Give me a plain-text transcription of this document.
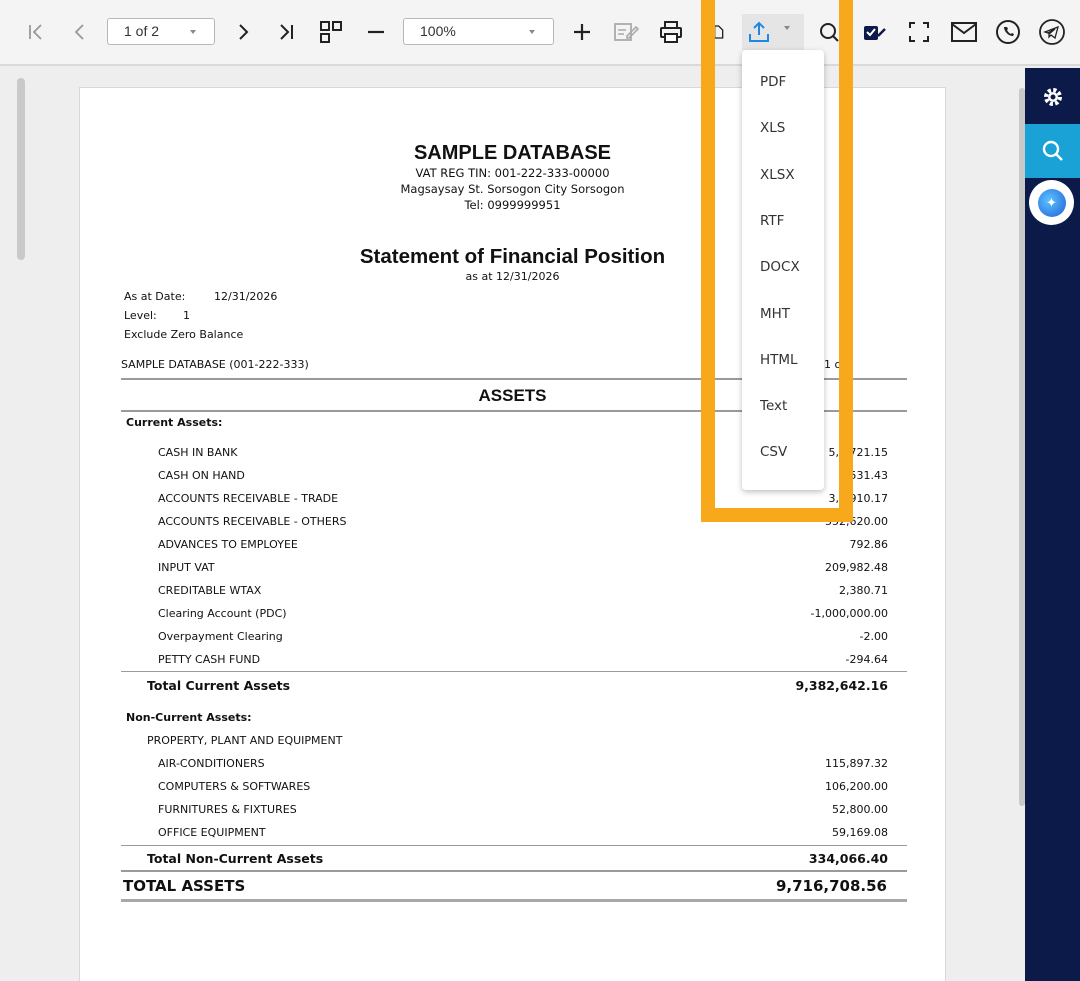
1 of 2	100%
SAMPLE DATABASE
VAT REG TIN: 001-222-333-00000
Magsaysay St. Sorsogon City Sorsogon
Tel: 0999999951
Statement of Financial Position
as at 12/31/2026
As at Date:	12/31/2026
Level: 1
Exclude Zero Balance
SAMPLE DATABASE (001-222-333)	1 o
ASSETS
Current Assets:
CASH IN BANK	5,7 721.15
CASH ON HAND	1 531.43
ACCOUNTS RECEIVABLE - TRADE	3,0 910.17
ACCOUNTS RECEIVABLE - OTHERS	552,620.00
ADVANCES TO EMPLOYEE	792.86
INPUT VAT	209,982.48
CREDITABLE WTAX	2,380.71
Clearing Account (PDC)	-1,000,000.00
Overpayment Clearing	-2.00
PETTY CASH FUND	-294.64
Total Current Assets	9,382,642.16
Non-Current Assets:
PROPERTY, PLANT AND EQUIPMENT
AIR-CONDITIONERS	115,897.32
COMPUTERS & SOFTWARES	106,200.00
FURNITURES & FIXTURES	52,800.00
OFFICE EQUIPMENT	59,169.08
Total Non-Current Assets	334,066.40
TOTAL ASSETS	9,716,708.56
✦
PDF
XLS
XLSX
RTF
DOCX
MHT
HTML
Text
CSV
